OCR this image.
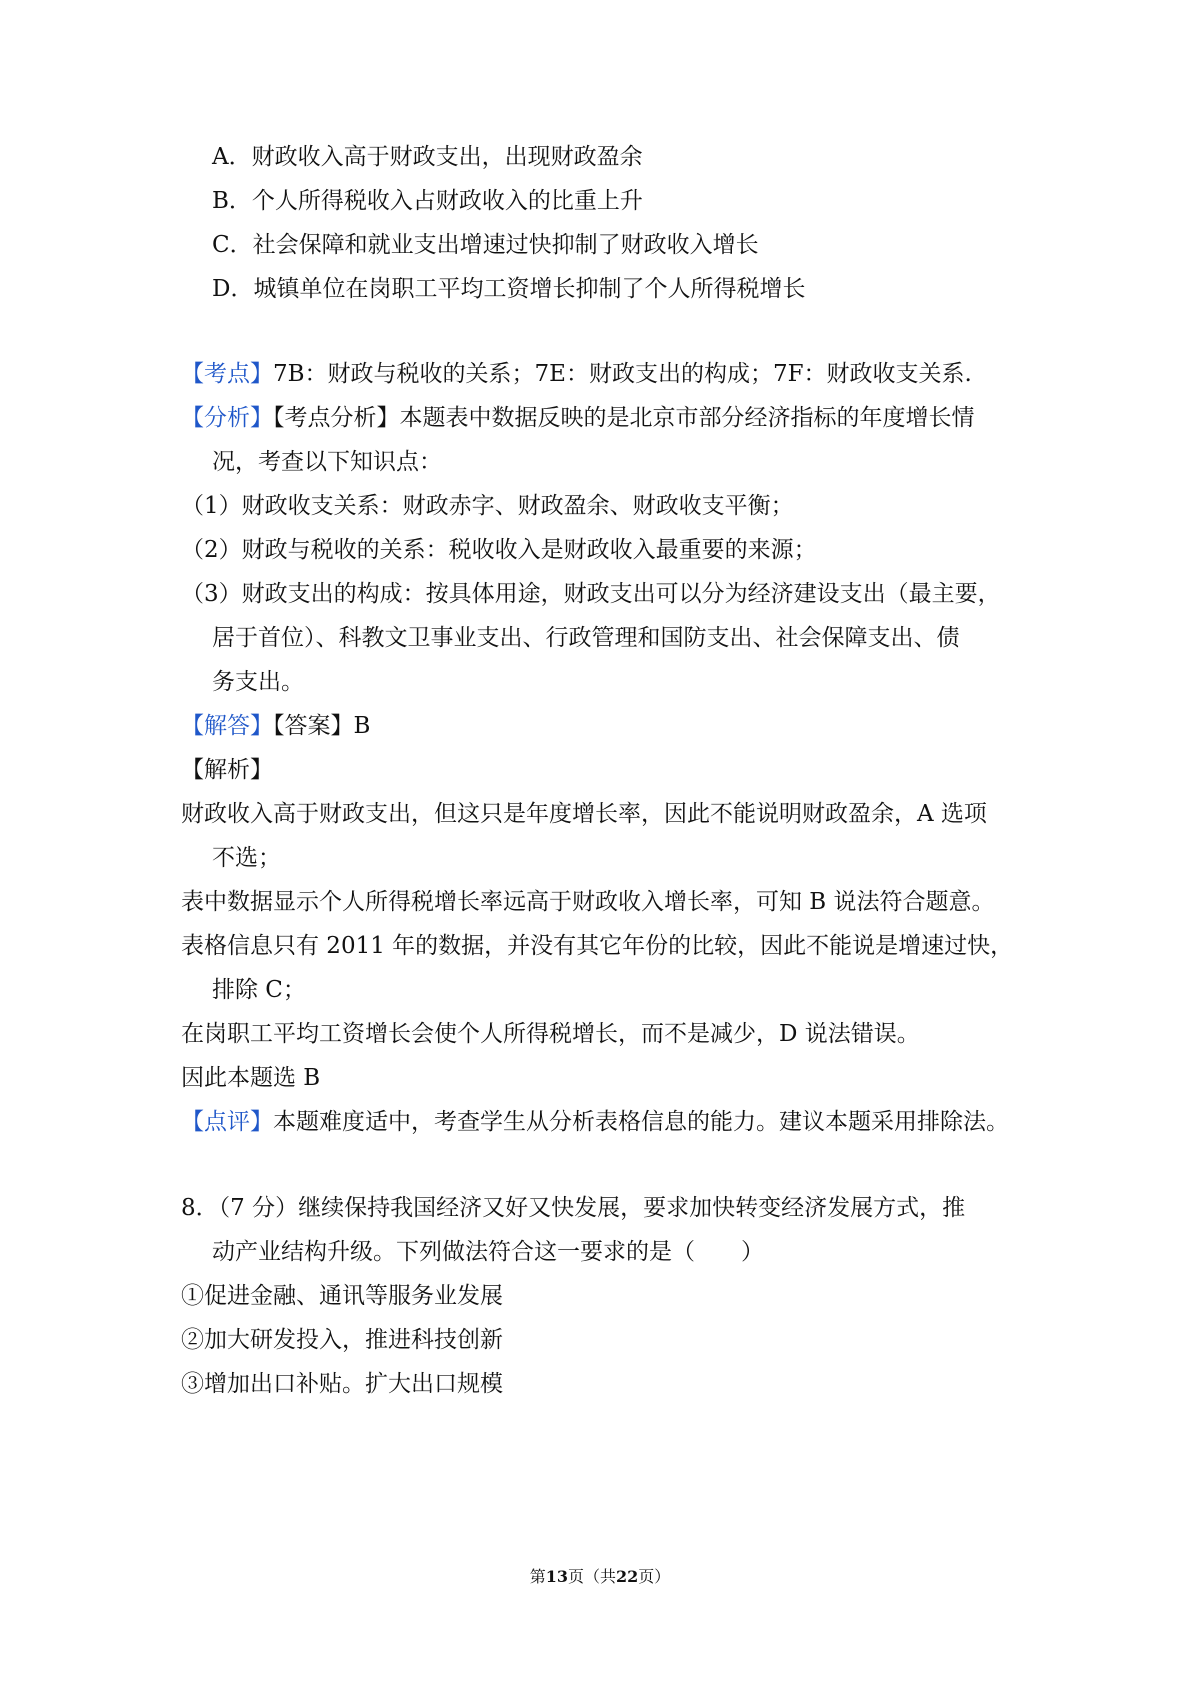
A．财政收入高于财政支出，出现财政盈余
B．个人所得税收入占财政收入的比重上升
C．社会保障和就业支出增速过快抑制了财政收入增长
D．城镇单位在岗职工平均工资增长抑制了个人所得税增长
【考点】7B：财政与税收的关系；7E：财政支出的构成；7F：财政收支关系.
【分析】【考点分析】本题表中数据反映的是北京市部分经济指标的年度增长情
况，考查以下知识点：
（1）财政收支关系：财政赤字、财政盈余、财政收支平衡；
（2）财政与税收的关系：税收收入是财政收入最重要的来源；
（3）财政支出的构成：按具体用途，财政支出可以分为经济建设支出（最主要，
居于首位）、科教文卫事业支出、行政管理和国防支出、社会保障支出、债
务支出。
【解答】【答案】B
【解析】
财政收入高于财政支出，但这只是年度增长率，因此不能说明财政盈余，A 选项
不选；
表中数据显示个人所得税增长率远高于财政收入增长率，可知 B 说法符合题意。
表格信息只有 2011 年的数据，并没有其它年份的比较，因此不能说是增速过快，
排除 C；
在岗职工平均工资增长会使个人所得税增长，而不是减少，D 说法错误。
因此本题选 B
【点评】本题难度适中，考查学生从分析表格信息的能力。建议本题采用排除法。
8．（7 分）继续保持我国经济又好又快发展，要求加快转变经济发展方式，推
动产业结构升级。下列做法符合这一要求的是（　　）
①促进金融、通讯等服务业发展
②加大研发投入，推进科技创新
③增加出口补贴。扩大出口规模
第13页（共22页）
